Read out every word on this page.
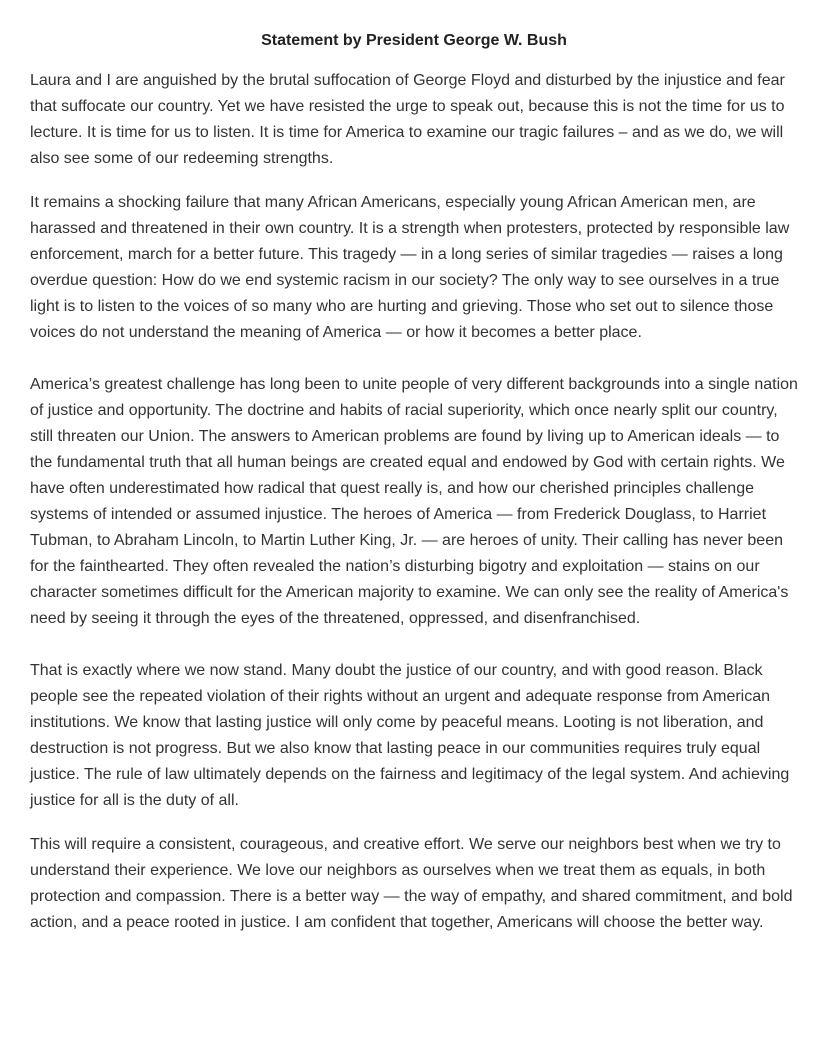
Statement by President George W. Bush

Laura and I are anguished by the brutal suffocation of George Floyd and disturbed by the injustice and fear that suffocate our country. Yet we have resisted the urge to speak out, because this is not the time for us to lecture. It is time for us to listen. It is time for America to examine our tragic failures – and as we do, we will also see some of our redeeming strengths.

It remains a shocking failure that many African Americans, especially young African American men, are harassed and threatened in their own country. It is a strength when protesters, protected by responsible law enforcement, march for a better future. This tragedy — in a long series of similar tragedies — raises a long overdue question: How do we end systemic racism in our society? The only way to see ourselves in a true light is to listen to the voices of so many who are hurting and grieving. Those who set out to silence those voices do not understand the meaning of America — or how it becomes a better place.

America’s greatest challenge has long been to unite people of very different backgrounds into a single nation of justice and opportunity. The doctrine and habits of racial superiority, which once nearly split our country, still threaten our Union. The answers to American problems are found by living up to American ideals — to the fundamental truth that all human beings are created equal and endowed by God with certain rights. We have often underestimated how radical that quest really is, and how our cherished principles challenge systems of intended or assumed injustice. The heroes of America — from Frederick Douglass, to Harriet Tubman, to Abraham Lincoln, to Martin Luther King, Jr. — are heroes of unity. Their calling has never been for the fainthearted. They often revealed the nation’s disturbing bigotry and exploitation — stains on our character sometimes difficult for the American majority to examine. We can only see the reality of America's need by seeing it through the eyes of the threatened, oppressed, and disenfranchised.

That is exactly where we now stand. Many doubt the justice of our country, and with good reason. Black people see the repeated violation of their rights without an urgent and adequate response from American institutions. We know that lasting justice will only come by peaceful means. Looting is not liberation, and destruction is not progress. But we also know that lasting peace in our communities requires truly equal justice. The rule of law ultimately depends on the fairness and legitimacy of the legal system. And achieving justice for all is the duty of all.

This will require a consistent, courageous, and creative effort. We serve our neighbors best when we try to understand their experience. We love our neighbors as ourselves when we treat them as equals, in both protection and compassion. There is a better way — the way of empathy, and shared commitment, and bold action, and a peace rooted in justice. I am confident that together, Americans will choose the better way.
